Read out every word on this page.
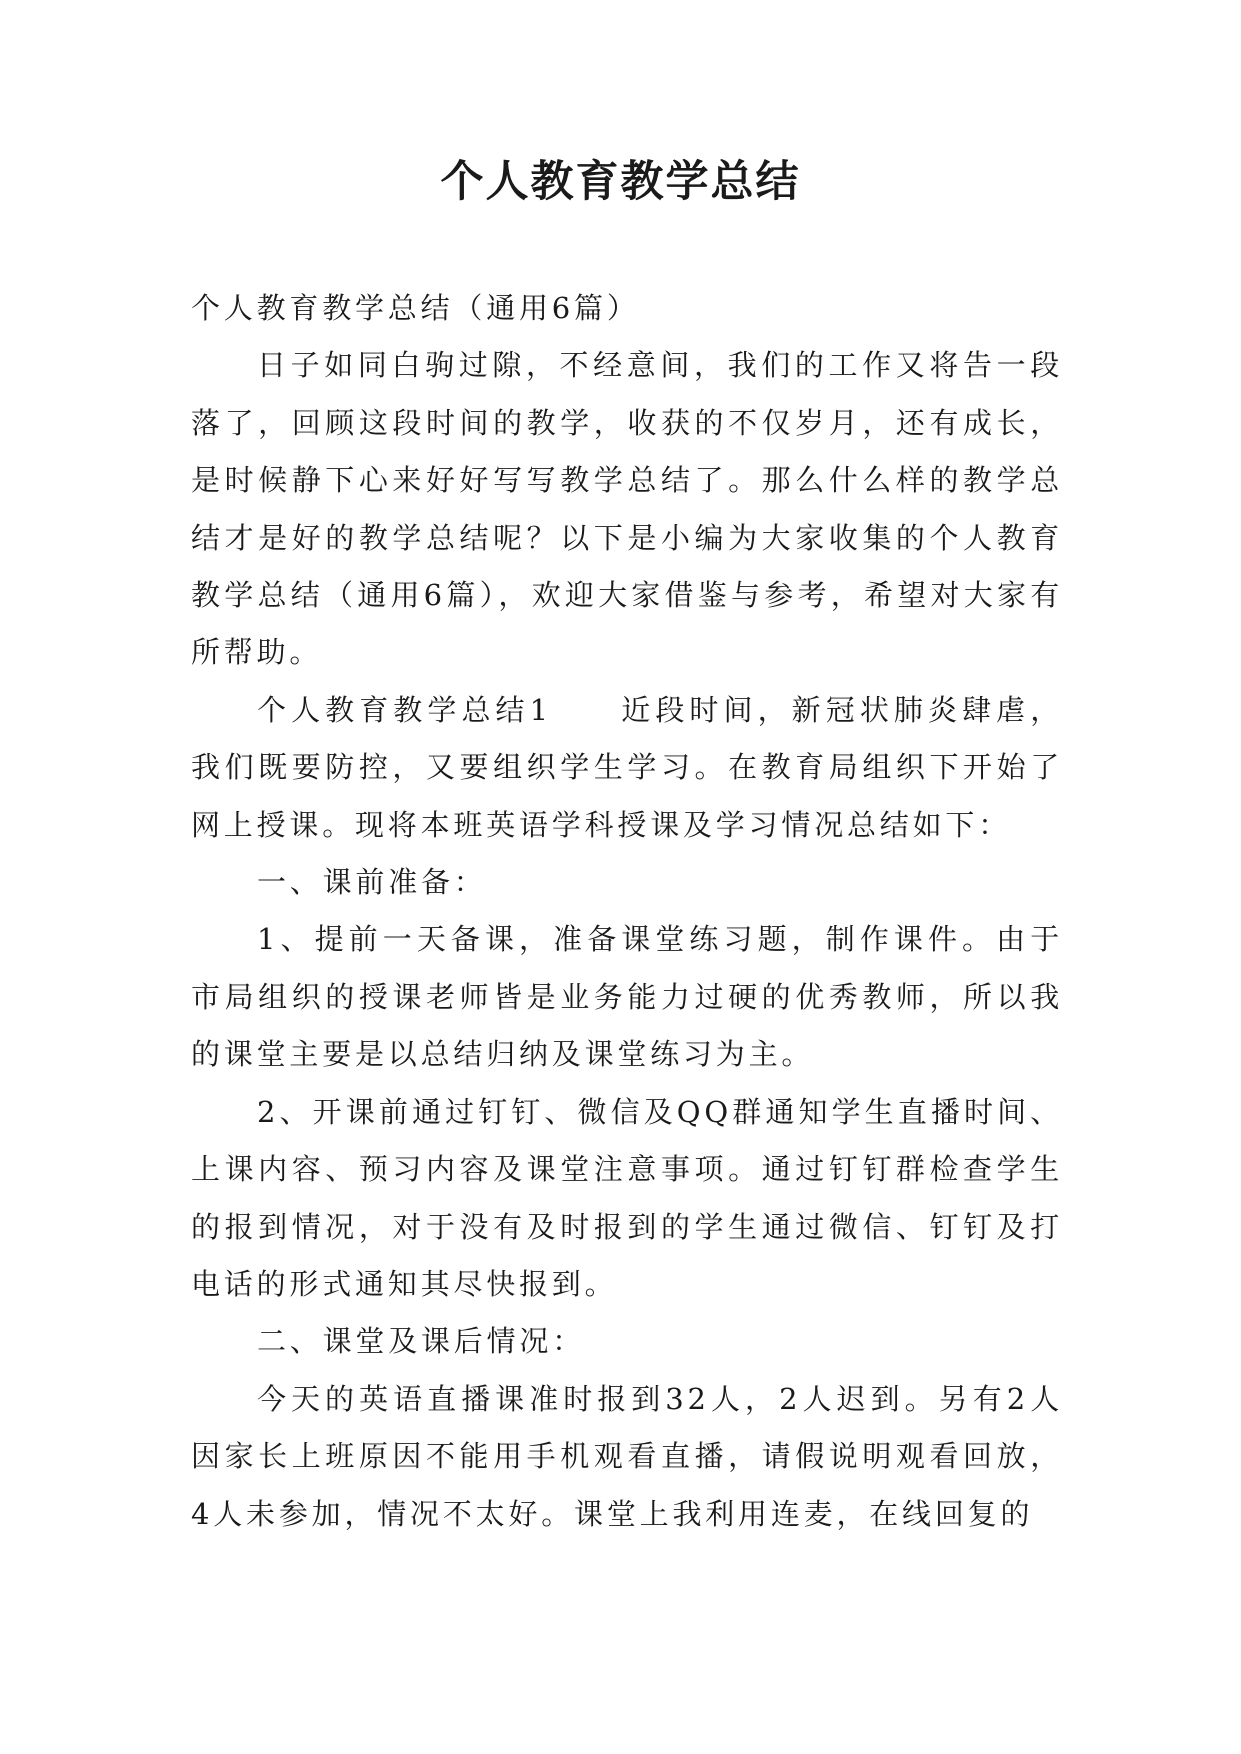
个人教育教学总结

个人教育教学总结（通用6篇）

日子如同白驹过隙，不经意间，我们的工作又将告一段落了，回顾这段时间的教学，收获的不仅岁月，还有成长，是时候静下心来好好写写教学总结了。那么什么样的教学总结才是好的教学总结呢？以下是小编为大家收集的个人教育教学总结（通用6篇），欢迎大家借鉴与参考，希望对大家有所帮助。

个人教育教学总结1　　近段时间，新冠状肺炎肆虐，我们既要防控，又要组织学生学习。在教育局组织下开始了网上授课。现将本班英语学科授课及学习情况总结如下：

一、课前准备：

1、提前一天备课，准备课堂练习题，制作课件。由于市局组织的授课老师皆是业务能力过硬的优秀教师，所以我的课堂主要是以总结归纳及课堂练习为主。

2、开课前通过钉钉、微信及QQ群通知学生直播时间、上课内容、预习内容及课堂注意事项。通过钉钉群检查学生的报到情况，对于没有及时报到的学生通过微信、钉钉及打电话的形式通知其尽快报到。

二、课堂及课后情况：

今天的英语直播课准时报到32人，2人迟到。另有2人因家长上班原因不能用手机观看直播，请假说明观看回放，4人未参加，情况不太好。课堂上我利用连麦，在线回复的
